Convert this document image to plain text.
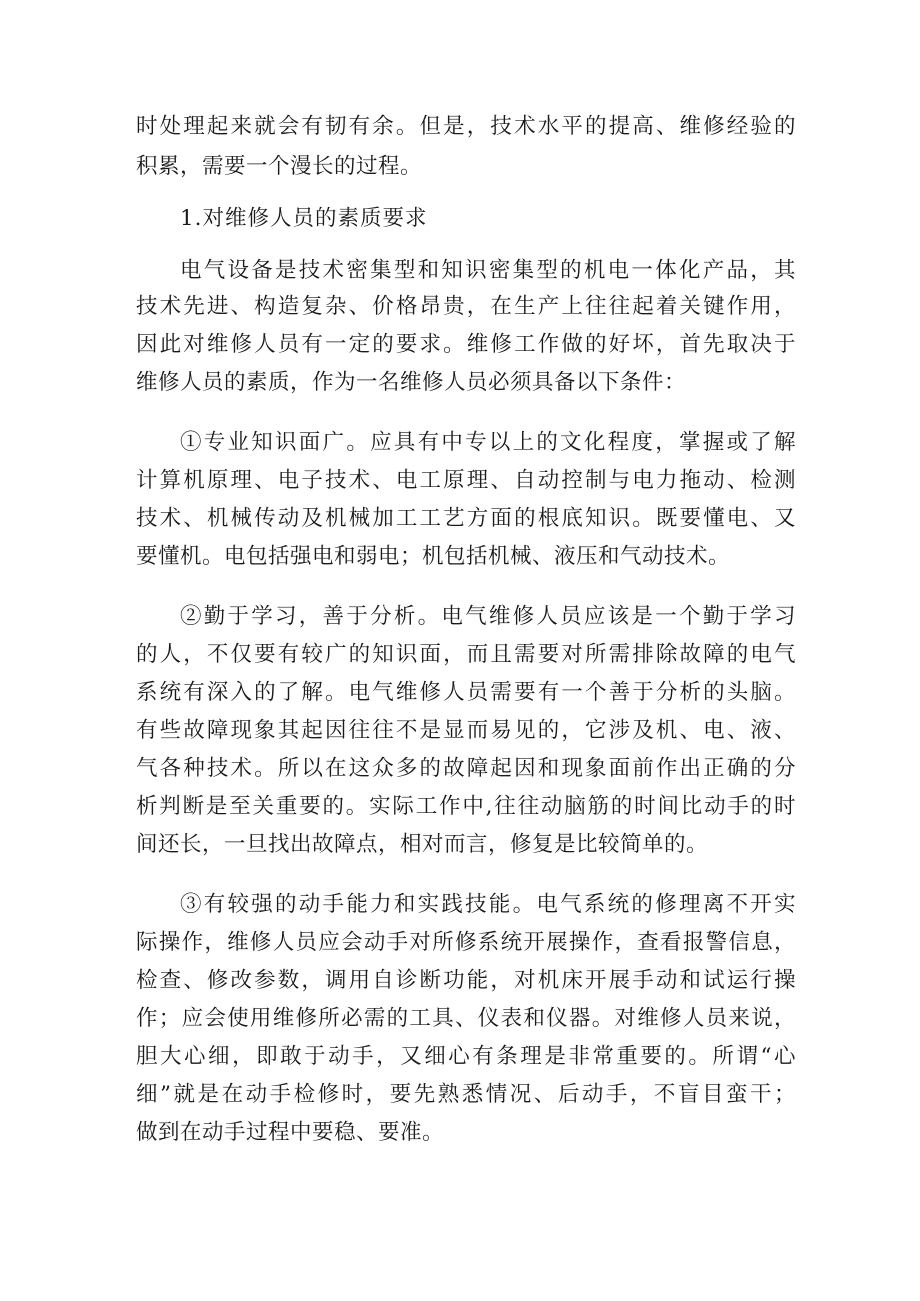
时处理起来就会有韧有余。但是，技术水平的提高、维修经验的
积累，需要一个漫长的过程。
1.对维修人员的素质要求
电气设备是技术密集型和知识密集型的机电一体化产品，其
技术先进、构造复杂、价格昂贵，在生产上往往起着关键作用，
因此对维修人员有一定的要求。维修工作做的好坏，首先取决于
维修人员的素质，作为一名维修人员必须具备以下条件：
①专业知识面广。应具有中专以上的文化程度，掌握或了解
计算机原理、电子技术、电工原理、自动控制与电力拖动、检测
技术、机械传动及机械加工工艺方面的根底知识。既要懂电、又
要懂机。电包括强电和弱电；机包括机械、液压和气动技术。
②勤于学习，善于分析。电气维修人员应该是一个勤于学习
的人，不仅要有较广的知识面，而且需要对所需排除故障的电气
系统有深入的了解。电气维修人员需要有一个善于分析的头脑。
有些故障现象其起因往往不是显而易见的，它涉及机、电、液、
气各种技术。所以在这众多的故障起因和现象面前作出正确的分
析判断是至关重要的。实际工作中,往往动脑筋的时间比动手的时
间还长，一旦找出故障点，相对而言，修复是比较简单的。
③有较强的动手能力和实践技能。电气系统的修理离不开实
际操作，维修人员应会动手对所修系统开展操作，查看报警信息，
检查、修改参数，调用自诊断功能，对机床开展手动和试运行操
作；应会使用维修所必需的工具、仪表和仪器。对维修人员来说，
胆大心细，即敢于动手，又细心有条理是非常重要的。所谓“心
细”就是在动手检修时，要先熟悉情况、后动手，不盲目蛮干；
做到在动手过程中要稳、要准。
